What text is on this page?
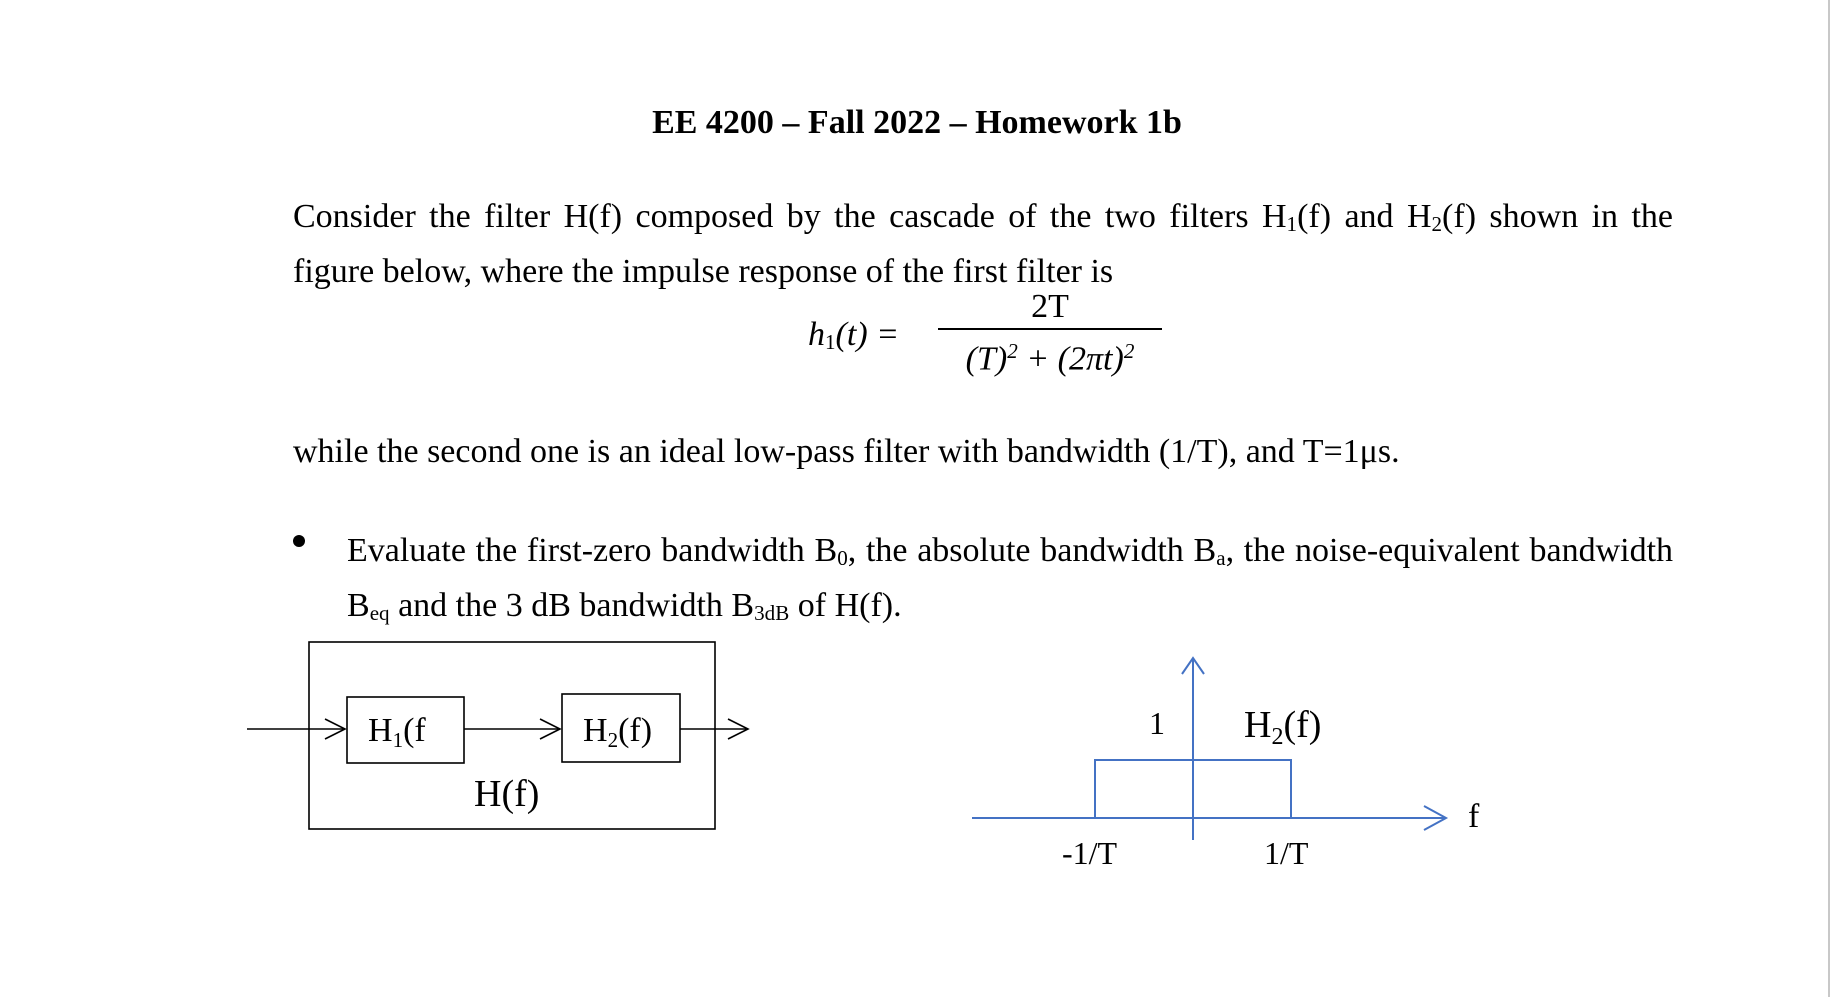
EE 4200 – Fall 2022 – Homework 1b
Consider the filter H(f) composed by the cascade of the two filters H1(f) and H2(f) shown in the figure below, where the impulse response of the first filter is
h1(t) =
2T
$(T)^2 + (2\pi t)^2$
while the second one is an ideal low-pass filter with bandwidth (1/T), and T=1μs.
Evaluate the first-zero bandwidth B0, the absolute bandwidth Ba, the noise-equivalent bandwidth Beq and the 3 dB bandwidth B3dB of H(f).
H1(f	H2(f)
H(f)
1 H2(f)
f
-1/T	1/T
